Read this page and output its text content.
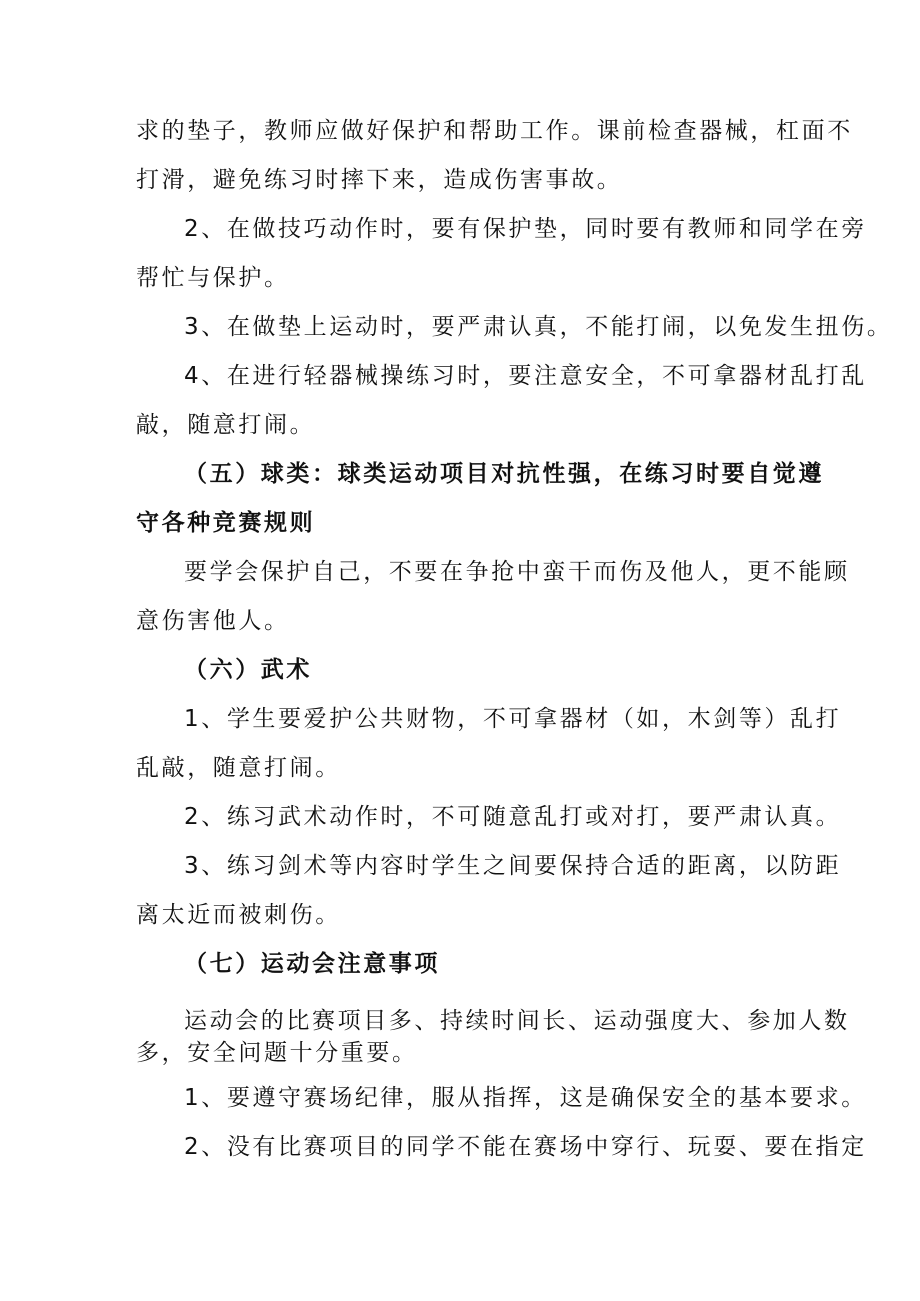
求的垫子，教师应做好保护和帮助工作。课前检查器械，杠面不
打滑，避免练习时摔下来，造成伤害事故。
2、在做技巧动作时，要有保护垫，同时要有教师和同学在旁
帮忙与保护。
3、在做垫上运动时，要严肃认真，不能打闹，以免发生扭伤。
4、在进行轻器械操练习时，要注意安全，不可拿器材乱打乱
敲，随意打闹。
（五）球类：球类运动项目对抗性强，在练习时要自觉遵
守各种竞赛规则
要学会保护自己，不要在争抢中蛮干而伤及他人，更不能顾
意伤害他人。
（六）武术
1、学生要爱护公共财物，不可拿器材（如，木剑等）乱打
乱敲，随意打闹。
2、练习武术动作时，不可随意乱打或对打，要严肃认真。
3、练习剑术等内容时学生之间要保持合适的距离，以防距
离太近而被刺伤。
（七）运动会注意事项
运动会的比赛项目多、持续时间长、运动强度大、参加人数
多，安全问题十分重要。
1、要遵守赛场纪律，服从指挥，这是确保安全的基本要求。
2、没有比赛项目的同学不能在赛场中穿行、玩耍、要在指定
